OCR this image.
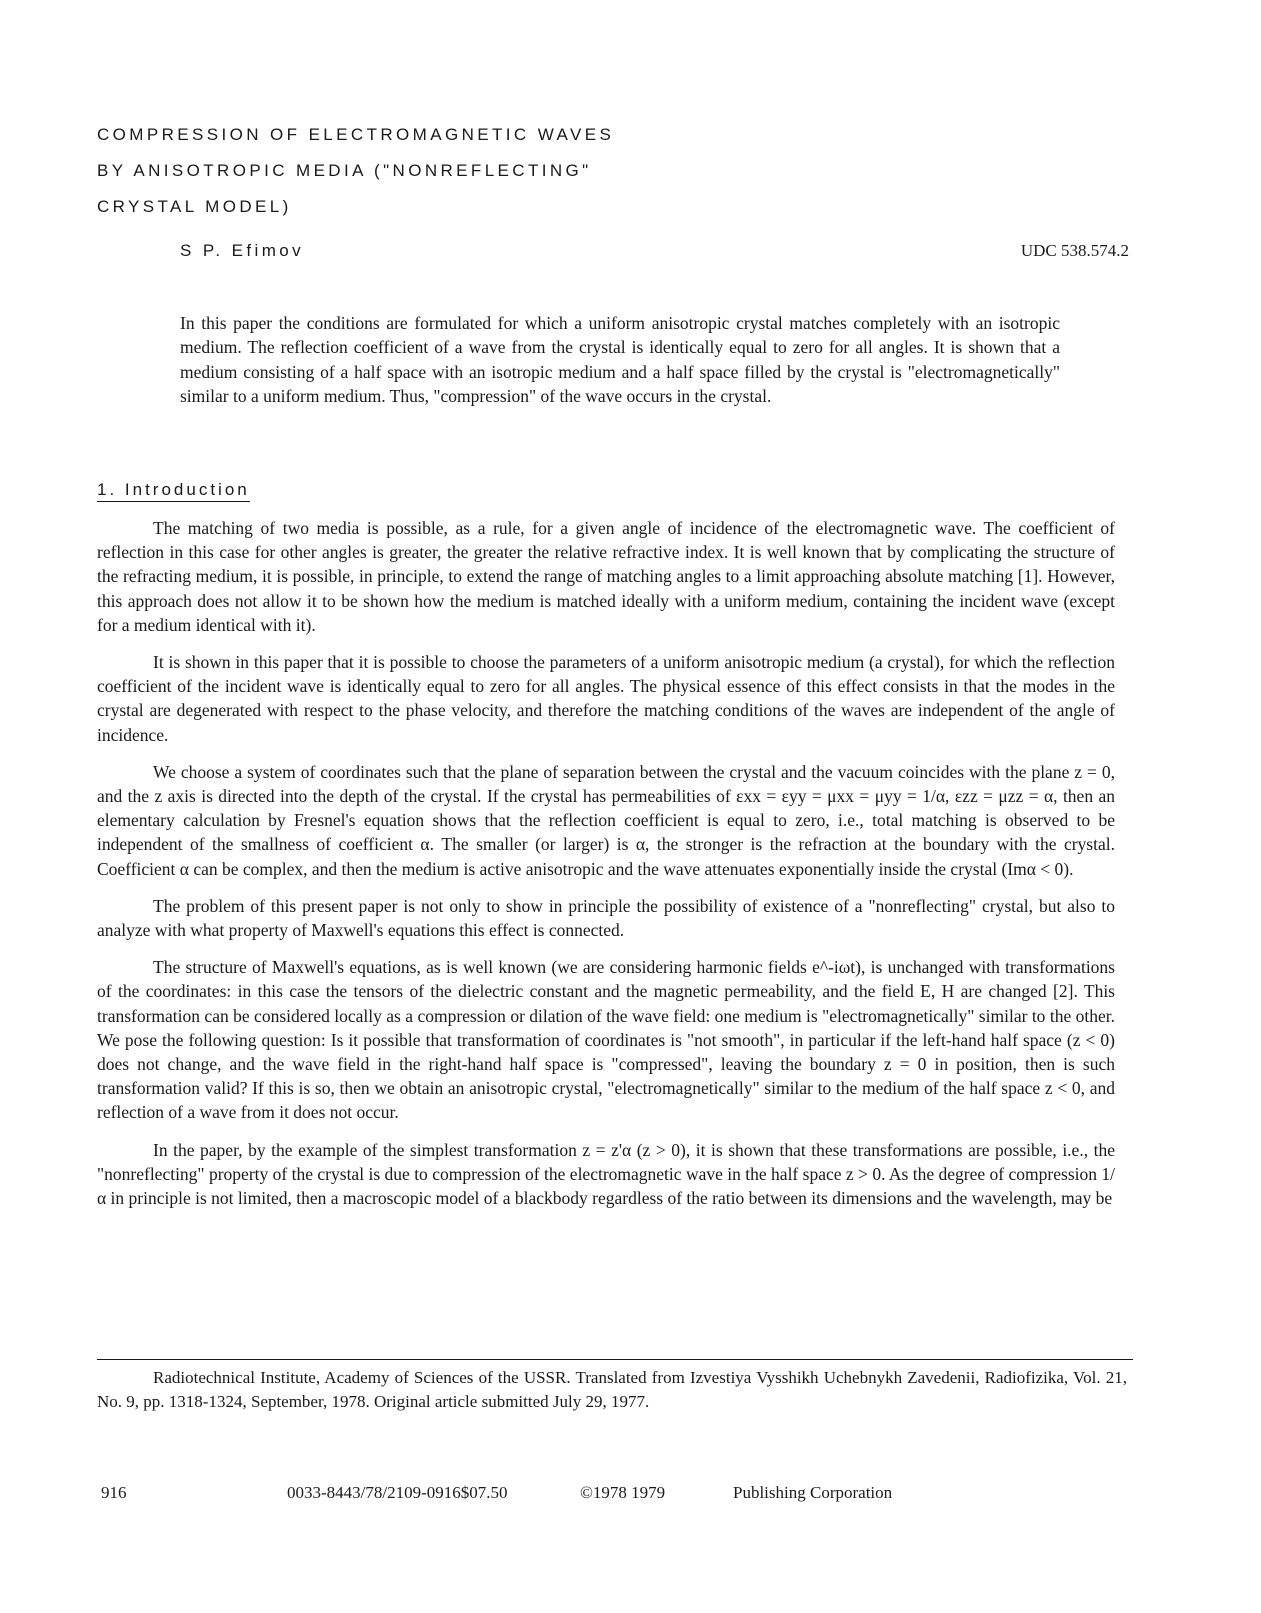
COMPRESSION OF ELECTROMAGNETIC WAVES
BY ANISOTROPIC MEDIA ("NONREFLECTING"
CRYSTAL MODEL)
S P. Efimov	UDC 538.574.2

In this paper the conditions are formulated for which a uniform anisotropic crystal matches completely with an isotropic medium. The reflection coefficient of a wave from the crystal is identically equal to zero for all angles. It is shown that a medium consisting of a half space with an isotropic medium and a half space filled by the crystal is "electromagnetically" similar to a uniform medium. Thus, "compression" of the wave occurs in the crystal.

1. Introduction

The matching of two media is possible, as a rule, for a given angle of incidence of the electromagnetic wave. The coefficient of reflection in this case for other angles is greater, the greater the relative refractive index. It is well known that by complicating the structure of the refracting medium, it is possible, in principle, to extend the range of matching angles to a limit approaching absolute matching [1]. However, this approach does not allow it to be shown how the medium is matched ideally with a uniform medium, containing the incident wave (except for a medium identical with it).

It is shown in this paper that it is possible to choose the parameters of a uniform anisotropic medium (a crystal), for which the reflection coefficient of the incident wave is identically equal to zero for all angles. The physical essence of this effect consists in that the modes in the crystal are degenerated with respect to the phase velocity, and therefore the matching conditions of the waves are independent of the angle of incidence.

We choose a system of coordinates such that the plane of separation between the crystal and the vacuum coincides with the plane z = 0, and the z axis is directed into the depth of the crystal. If the crystal has permeabilities of εxx = εyy = μxx = μyy = 1/α, εzz = μzz = α, then an elementary calculation by Fresnel's equation shows that the reflection coefficient is equal to zero, i.e., total matching is observed to be independent of the smallness of coefficient α. The smaller (or larger) is α, the stronger is the refraction at the boundary with the crystal. Coefficient α can be complex, and then the medium is active anisotropic and the wave attenuates exponentially inside the crystal (Imα < 0).

The problem of this present paper is not only to show in principle the possibility of existence of a "nonreflecting" crystal, but also to analyze with what property of Maxwell's equations this effect is connected.

The structure of Maxwell's equations, as is well known (we are considering harmonic fields e^-iωt), is unchanged with transformations of the coordinates: in this case the tensors of the dielectric constant and the magnetic permeability, and the field E, H are changed [2]. This transformation can be considered locally as a compression or dilation of the wave field: one medium is "electromagnetically" similar to the other. We pose the following question: Is it possible that transformation of coordinates is "not smooth", in particular if the left-hand half space (z < 0) does not change, and the wave field in the right-hand half space is "compressed", leaving the boundary z = 0 in position, then is such transformation valid? If this is so, then we obtain an anisotropic crystal, "electromagnetically" similar to the medium of the half space z < 0, and reflection of a wave from it does not occur.

In the paper, by the example of the simplest transformation z = z'α (z > 0), it is shown that these transformations are possible, i.e., the "nonreflecting" property of the crystal is due to compression of the electromagnetic wave in the half space z > 0. As the degree of compression 1/α in principle is not limited, then a macroscopic model of a blackbody regardless of the ratio between its dimensions and the wavelength, may be

Radiotechnical Institute, Academy of Sciences of the USSR. Translated from Izvestiya Vysshikh Uchebnykh Zavedenii, Radiofizika, Vol. 21, No. 9, pp. 1318-1324, September, 1978. Original article submitted July 29, 1977.

916	0033-8443/78/2109-0916$07.50	©1978 1979	Publishing Corporation
